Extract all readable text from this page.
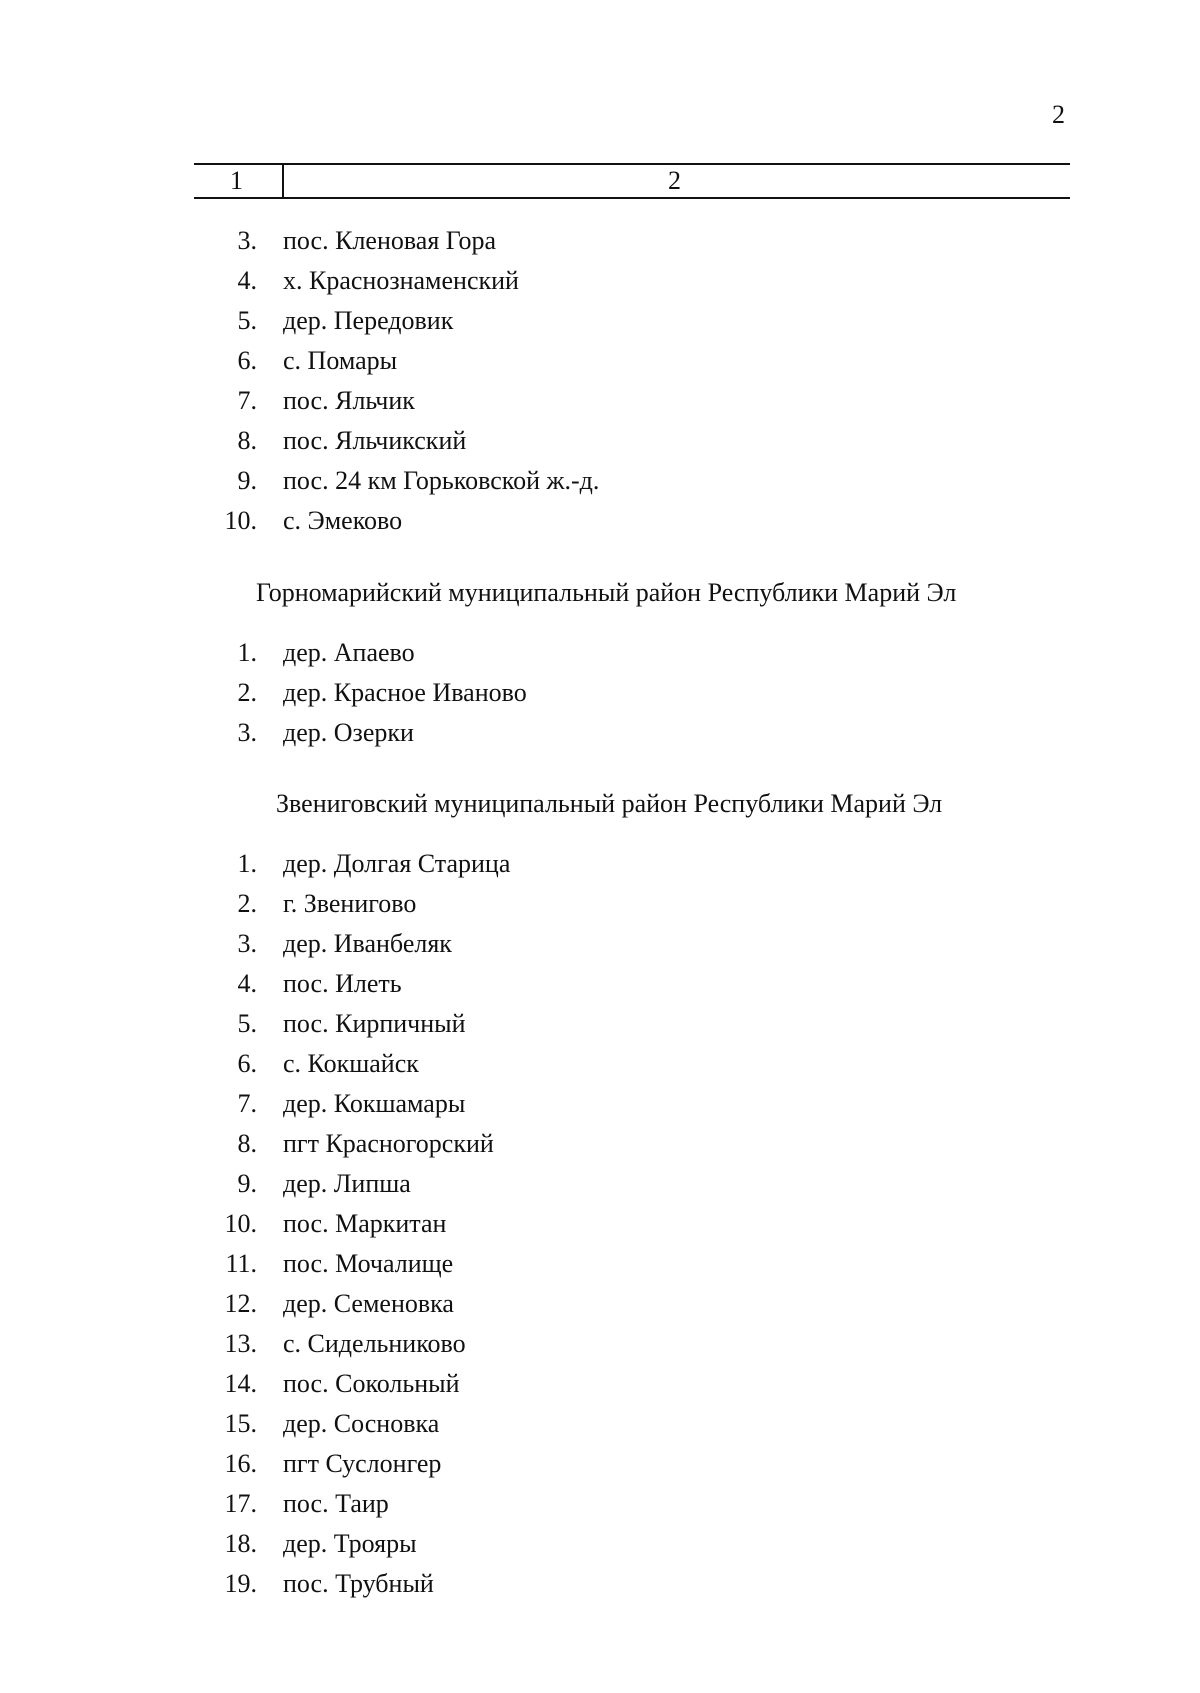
2
1	2
3. пос. Кленовая Гора
4. х. Краснознаменский
5. дер. Передовик
6. с. Помары
7. пос. Яльчик
8. пос. Яльчикский
9. пос. 24 км Горьковской ж.-д.
10. с. Эмеково
Горномарийский муниципальный район Республики Марий Эл
1. дер. Апаево
2. дер. Красное Иваново
3. дер. Озерки
Звениговский муниципальный район Республики Марий Эл
1. дер. Долгая Старица
2. г. Звенигово
3. дер. Иванбеляк
4. пос. Илеть
5. пос. Кирпичный
6. с. Кокшайск
7. дер. Кокшамары
8. пгт Красногорский
9. дер. Липша
10. пос. Маркитан
11. пос. Мочалище
12. дер. Семеновка
13. с. Сидельниково
14. пос. Сокольный
15. дер. Сосновка
16. пгт Суслонгер
17. пос. Таир
18. дер. Трояры
19. пос. Трубный
